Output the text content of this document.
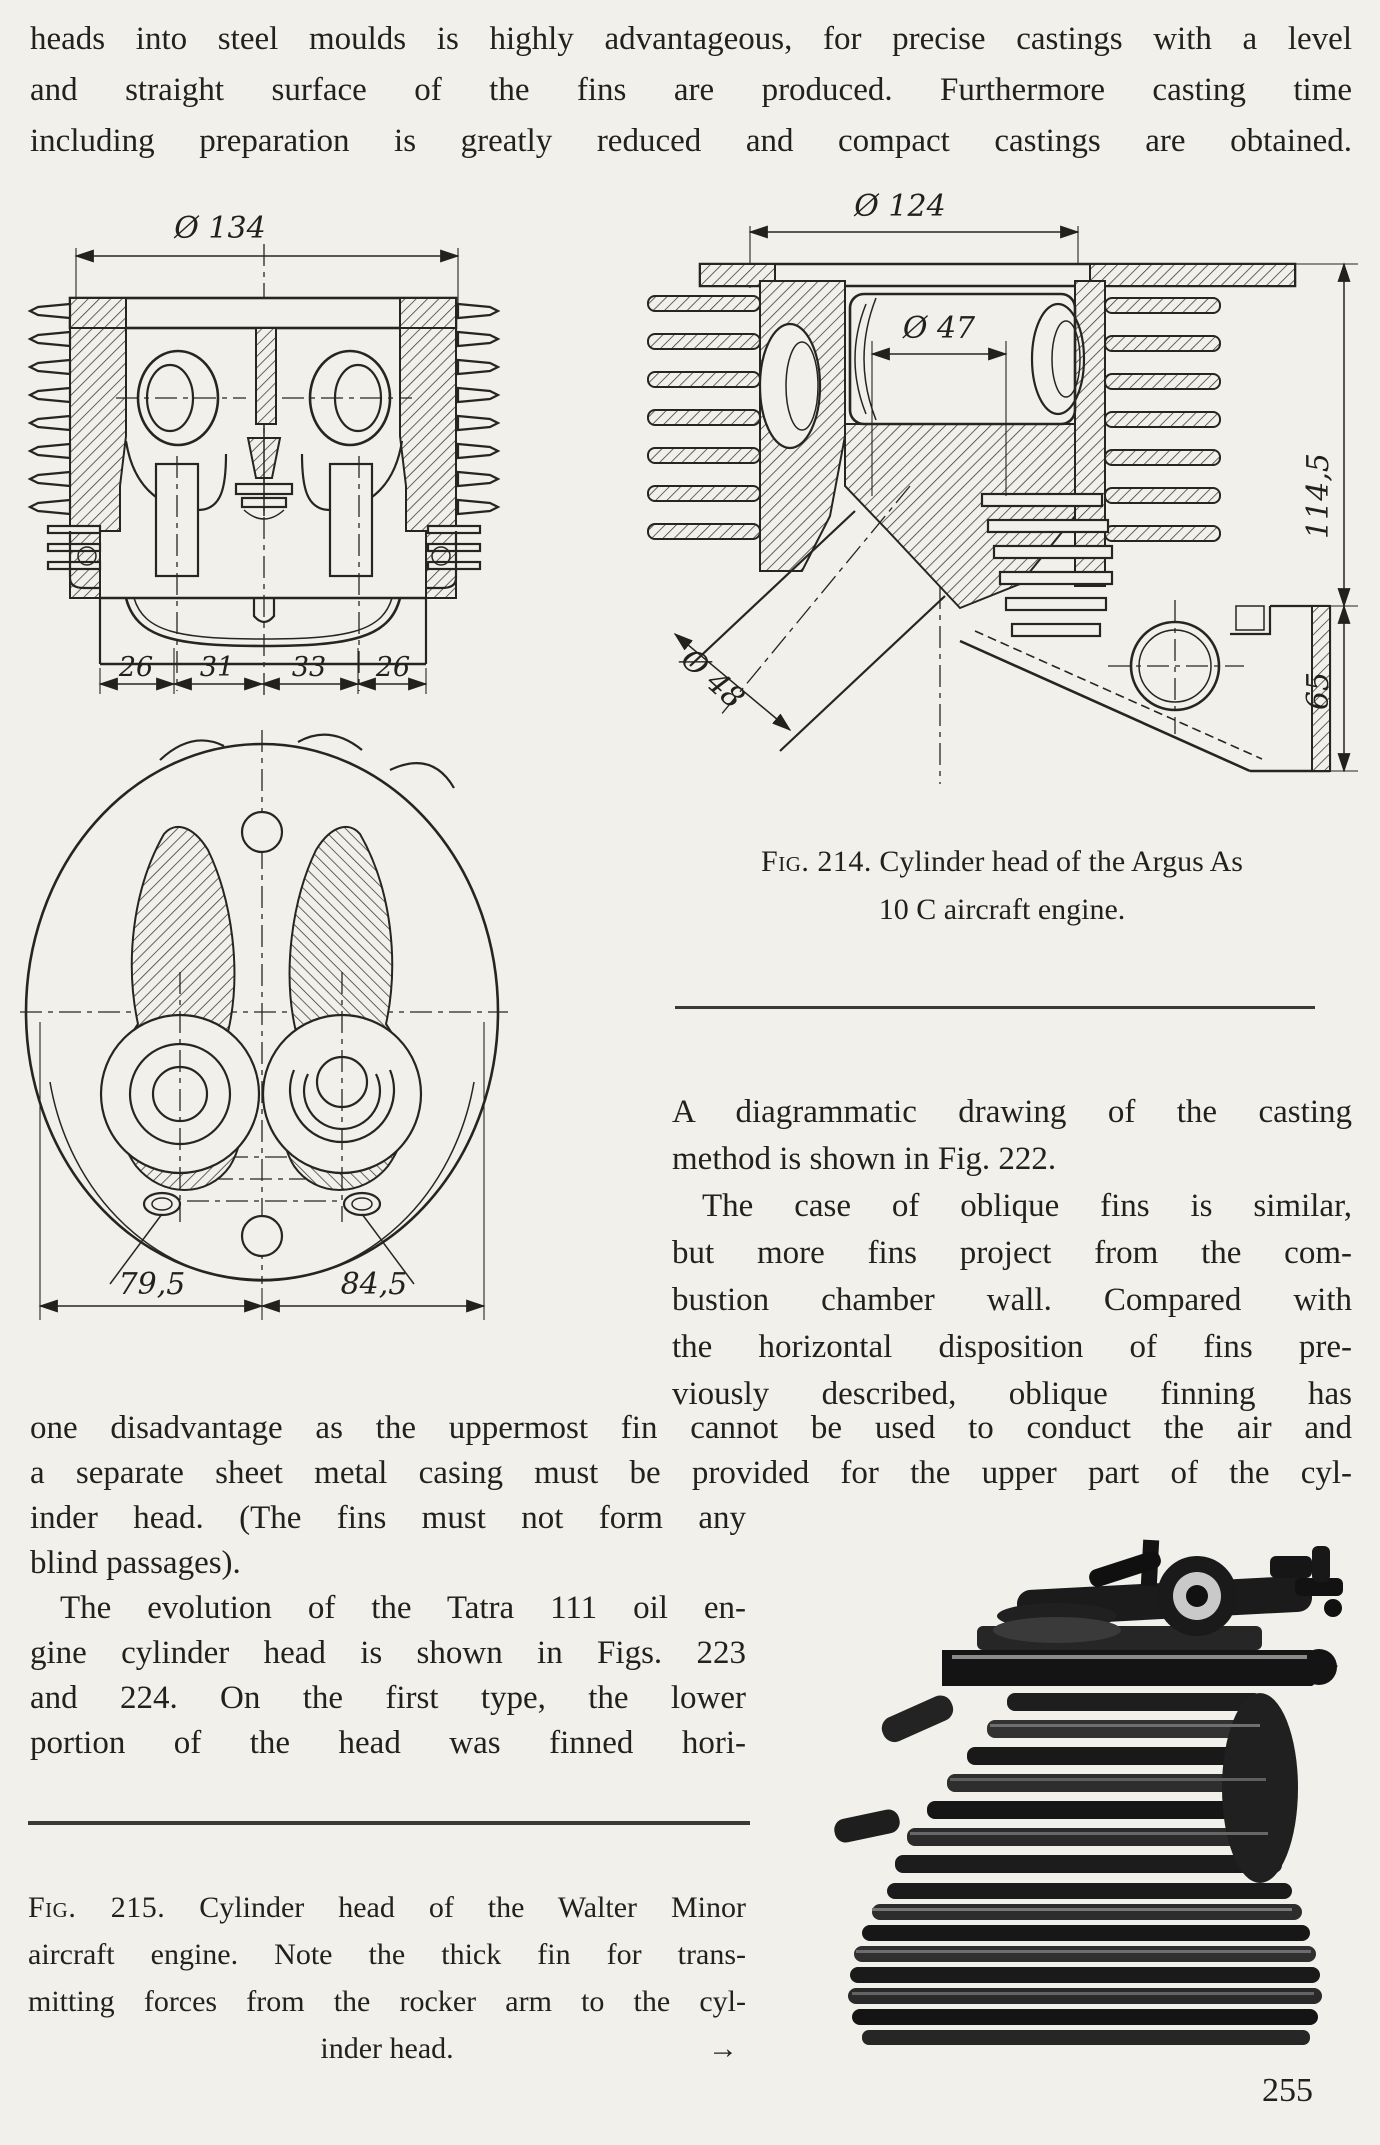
heads into steel moulds is highly advantageous, for precise castings with a level
and straight surface of the fins are produced. Furthermore casting time
including preparation is greatly reduced and compact castings are obtained.
Ø 134
26 31 33 26
Ø 124
Ø 47
Ø 48
114,5
65
79,5	84,5
Fig. 214. Cylinder head of the Argus As
10 C aircraft engine.
A diagrammatic drawing of the casting
method is shown in Fig. 222.
The case of oblique fins is similar,
but more fins project from the com-
bustion chamber wall. Compared with
the horizontal disposition of fins pre-
viously described, oblique finning has
one disadvantage as the uppermost fin cannot be used to conduct the air and
a separate sheet metal casing must be provided for the upper part of the cyl-
inder head. (The fins must not form any
blind passages).
The evolution of the Tatra 111 oil en-
gine cylinder head is shown in Figs. 223
and 224. On the first type, the lower
portion of the head was finned hori-
Fig. 215. Cylinder head of the Walter Minor
aircraft engine. Note the thick fin for trans-
mitting forces from the rocker arm to the cyl-
inder head.	→
255
